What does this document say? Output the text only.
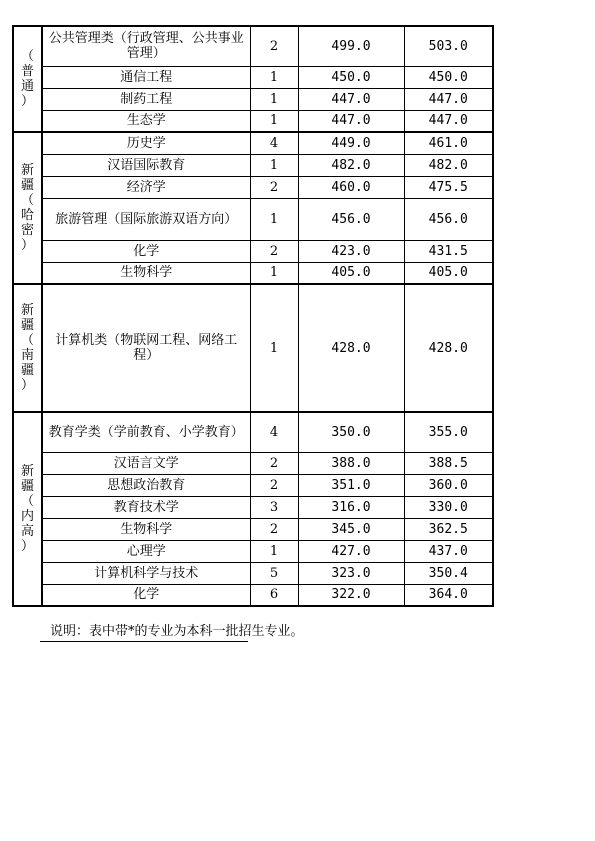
（普通）	公共管理类（行政管理、公共事业管理）	2	499.0	503.0
	通信工程	1	450.0	450.0
	制药工程	1	447.0	447.0
	生态学	1	447.0	447.0
新疆（哈密）	历史学	4	449.0	461.0
	汉语国际教育	1	482.0	482.0
	经济学	2	460.0	475.5
	旅游管理（国际旅游双语方向）	1	456.0	456.0
	化学	2	423.0	431.5
	生物科学	1	405.0	405.0
新疆（南疆）	计算机类（物联网工程、网络工程）	1	428.0	428.0
新疆（内高）	教育学类（学前教育、小学教育）	4	350.0	355.0
	汉语言文学	2	388.0	388.5
	思想政治教育	2	351.0	360.0
	教育技术学	3	316.0	330.0
	生物科学	2	345.0	362.5
	心理学	1	427.0	437.0
	计算机科学与技术	5	323.0	350.4
	化学	6	322.0	364.0
说明：表中带*的专业为本科一批招生专业。
